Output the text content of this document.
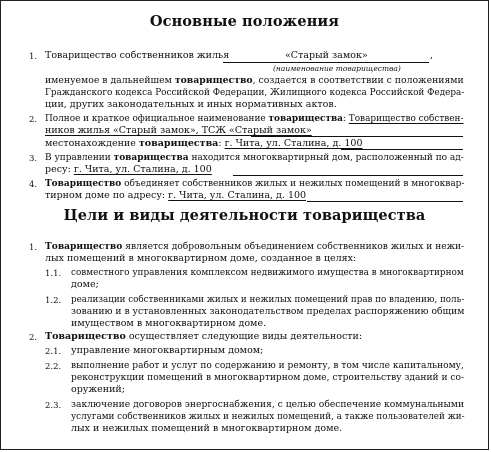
Основные положения
1. Товарищество собственников жилья	«Старый замок»	,
(наименование товарищества)
именуемое в дальнейшем товарищество, создается в соответствии с положениями
Гражданского кодекса Российской Федерации, Жилищного кодекса Российской Федера-
ции, других законодательных и иных нормативных актов.
2. Полное и краткое официальное наименование товарищества: Товарищество собствен-
ников жилья «Старый замок», ТСЖ «Старый замок»
местонахождение товарищества: г. Чита, ул. Сталина, д. 100
3. В управлении товарищества находится многоквартирный дом, расположенный по ад-
ресу: г. Чита, ул. Сталина, д. 100
4. Товарищество объединяет собственников жилых и нежилых помещений в многоквар-
тирном доме по адресу: г. Чита, ул. Сталина, д. 100
Цели и виды деятельности товарищества
1. Товарищество является добровольным объединением собственников жилых и нежи-
лых помещений в многоквартирном доме, созданное в целях:
1.1. совместного управления комплексом недвижимого имущества в многоквартирном
доме;
1.2. реализации собственниками жилых и нежилых помещений прав по владению, поль-
зованию и в установленных законодательством пределах распоряжению общим
имуществом в многоквартирном доме.
2. Товарищество осуществляет следующие виды деятельности:
2.1. управление многоквартирным домом;
2.2. выполнение работ и услуг по содержанию и ремонту, в том числе капитальному,
реконструкции помещений в многоквартирном доме, строительству зданий и со-
оружений;
2.3. заключение договоров энергоснабжения, с целью обеспечение коммунальными
услугами собственников жилых и нежилых помещений, а также пользователей жи-
лых и нежилых помещений в многоквартирном доме.
